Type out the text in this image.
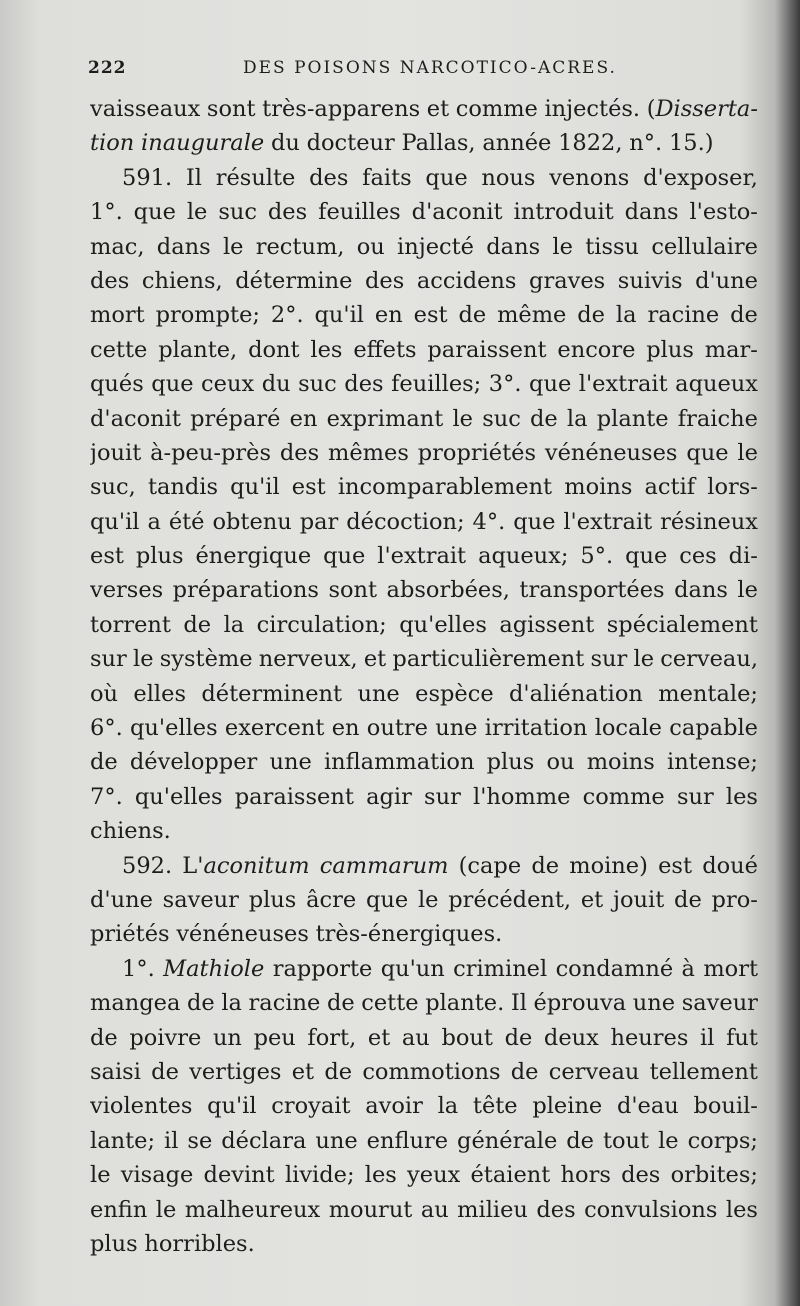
222	DES POISONS NARCOTICO-ACRES.
vaisseaux sont très-apparens et comme injectés. (Disserta-
tion inaugurale du docteur Pallas, année 1822, n°. 15.)
591. Il résulte des faits que nous venons d'exposer,
1°. que le suc des feuilles d'aconit introduit dans l'esto-
mac, dans le rectum, ou injecté dans le tissu cellulaire
des chiens, détermine des accidens graves suivis d'une
mort prompte; 2°. qu'il en est de même de la racine de
cette plante, dont les effets paraissent encore plus mar-
qués que ceux du suc des feuilles; 3°. que l'extrait aqueux
d'aconit préparé en exprimant le suc de la plante fraiche
jouit à-peu-près des mêmes propriétés vénéneuses que le
suc, tandis qu'il est incomparablement moins actif lors-
qu'il a été obtenu par décoction; 4°. que l'extrait résineux
est plus énergique que l'extrait aqueux; 5°. que ces di-
verses préparations sont absorbées, transportées dans le
torrent de la circulation; qu'elles agissent spécialement
sur le système nerveux, et particulièrement sur le cerveau,
où elles déterminent une espèce d'aliénation mentale;
6°. qu'elles exercent en outre une irritation locale capable
de développer une inflammation plus ou moins intense;
7°. qu'elles paraissent agir sur l'homme comme sur les
chiens.
592. L'aconitum cammarum (cape de moine) est doué
d'une saveur plus âcre que le précédent, et jouit de pro-
priétés vénéneuses très-énergiques.
1°. Mathiole rapporte qu'un criminel condamné à mort
mangea de la racine de cette plante. Il éprouva une saveur
de poivre un peu fort, et au bout de deux heures il fut
saisi de vertiges et de commotions de cerveau tellement
violentes qu'il croyait avoir la tête pleine d'eau bouil-
lante; il se déclara une enflure générale de tout le corps;
le visage devint livide; les yeux étaient hors des orbites;
enfin le malheureux mourut au milieu des convulsions les
plus horribles.
